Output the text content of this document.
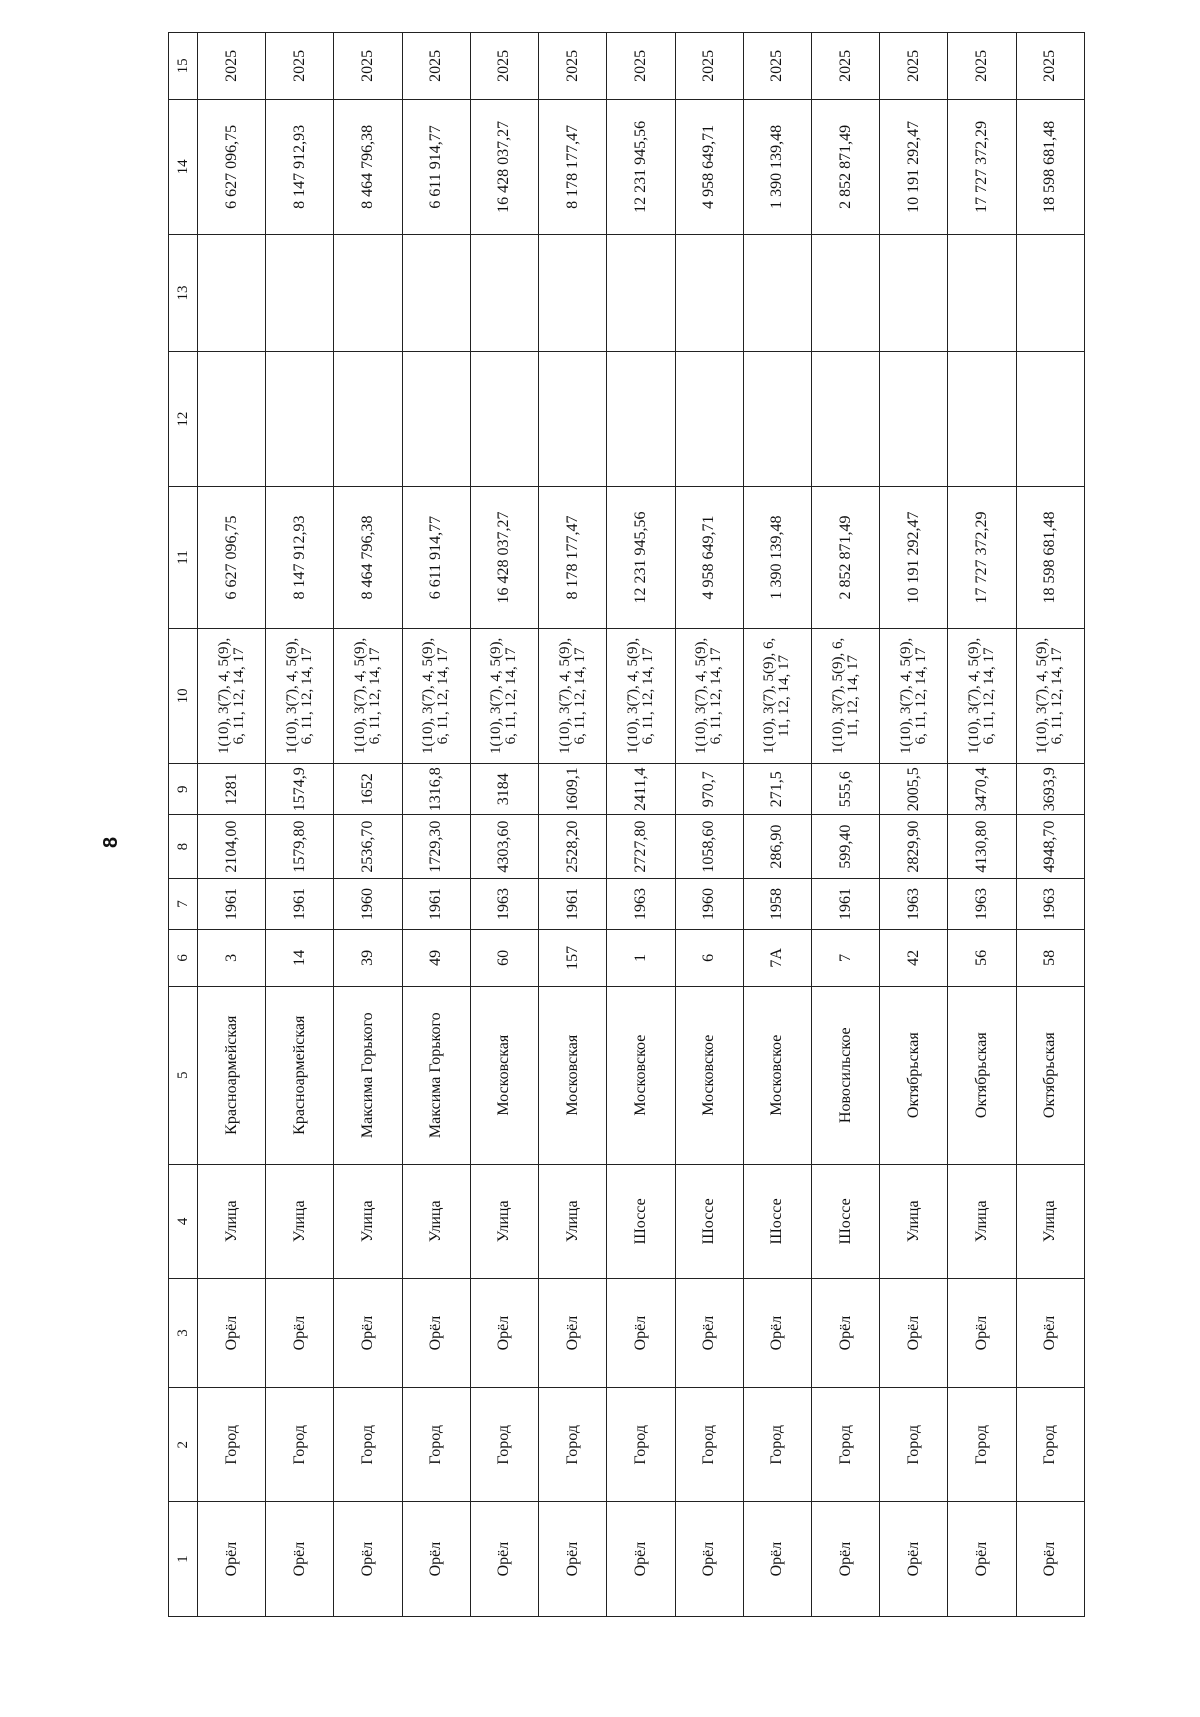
8
1	2	3	4	5	6	7	8	9	10	11	12	13	14	15
Орёл	Город	Орёл	Улица	Красноармейская	3	1961	2104,00	1281	1(10), 3(7), 4, 5(9), 6, 11, 12, 14, 17	6 627 096,75			6 627 096,75	2025
Орёл	Город	Орёл	Улица	Красноармейская	14	1961	1579,80	1574,9	1(10), 3(7), 4, 5(9), 6, 11, 12, 14, 17	8 147 912,93			8 147 912,93	2025
Орёл	Город	Орёл	Улица	Максима Горького	39	1960	2536,70	1652	1(10), 3(7), 4, 5(9), 6, 11, 12, 14, 17	8 464 796,38			8 464 796,38	2025
Орёл	Город	Орёл	Улица	Максима Горького	49	1961	1729,30	1316,8	1(10), 3(7), 4, 5(9), 6, 11, 12, 14, 17	6 611 914,77			6 611 914,77	2025
Орёл	Город	Орёл	Улица	Московская	60	1963	4303,60	3184	1(10), 3(7), 4, 5(9), 6, 11, 12, 14, 17	16 428 037,27			16 428 037,27	2025
Орёл	Город	Орёл	Улица	Московская	157	1961	2528,20	1609,1	1(10), 3(7), 4, 5(9), 6, 11, 12, 14, 17	8 178 177,47			8 178 177,47	2025
Орёл	Город	Орёл	Шоссе	Московское	1	1963	2727,80	2411,4	1(10), 3(7), 4, 5(9), 6, 11, 12, 14, 17	12 231 945,56			12 231 945,56	2025
Орёл	Город	Орёл	Шоссе	Московское	6	1960	1058,60	970,7	1(10), 3(7), 4, 5(9), 6, 11, 12, 14, 17	4 958 649,71			4 958 649,71	2025
Орёл	Город	Орёл	Шоссе	Московское	7А	1958	286,90	271,5	1(10), 3(7), 5(9), 6, 11, 12, 14, 17	1 390 139,48			1 390 139,48	2025
Орёл	Город	Орёл	Шоссе	Новосильское	7	1961	599,40	555,6	1(10), 3(7), 5(9), 6, 11, 12, 14, 17	2 852 871,49			2 852 871,49	2025
Орёл	Город	Орёл	Улица	Октябрьская	42	1963	2829,90	2005,5	1(10), 3(7), 4, 5(9), 6, 11, 12, 14, 17	10 191 292,47			10 191 292,47	2025
Орёл	Город	Орёл	Улица	Октябрьская	56	1963	4130,80	3470,4	1(10), 3(7), 4, 5(9), 6, 11, 12, 14, 17	17 727 372,29			17 727 372,29	2025
Орёл	Город	Орёл	Улица	Октябрьская	58	1963	4948,70	3693,9	1(10), 3(7), 4, 5(9), 6, 11, 12, 14, 17	18 598 681,48			18 598 681,48	2025
